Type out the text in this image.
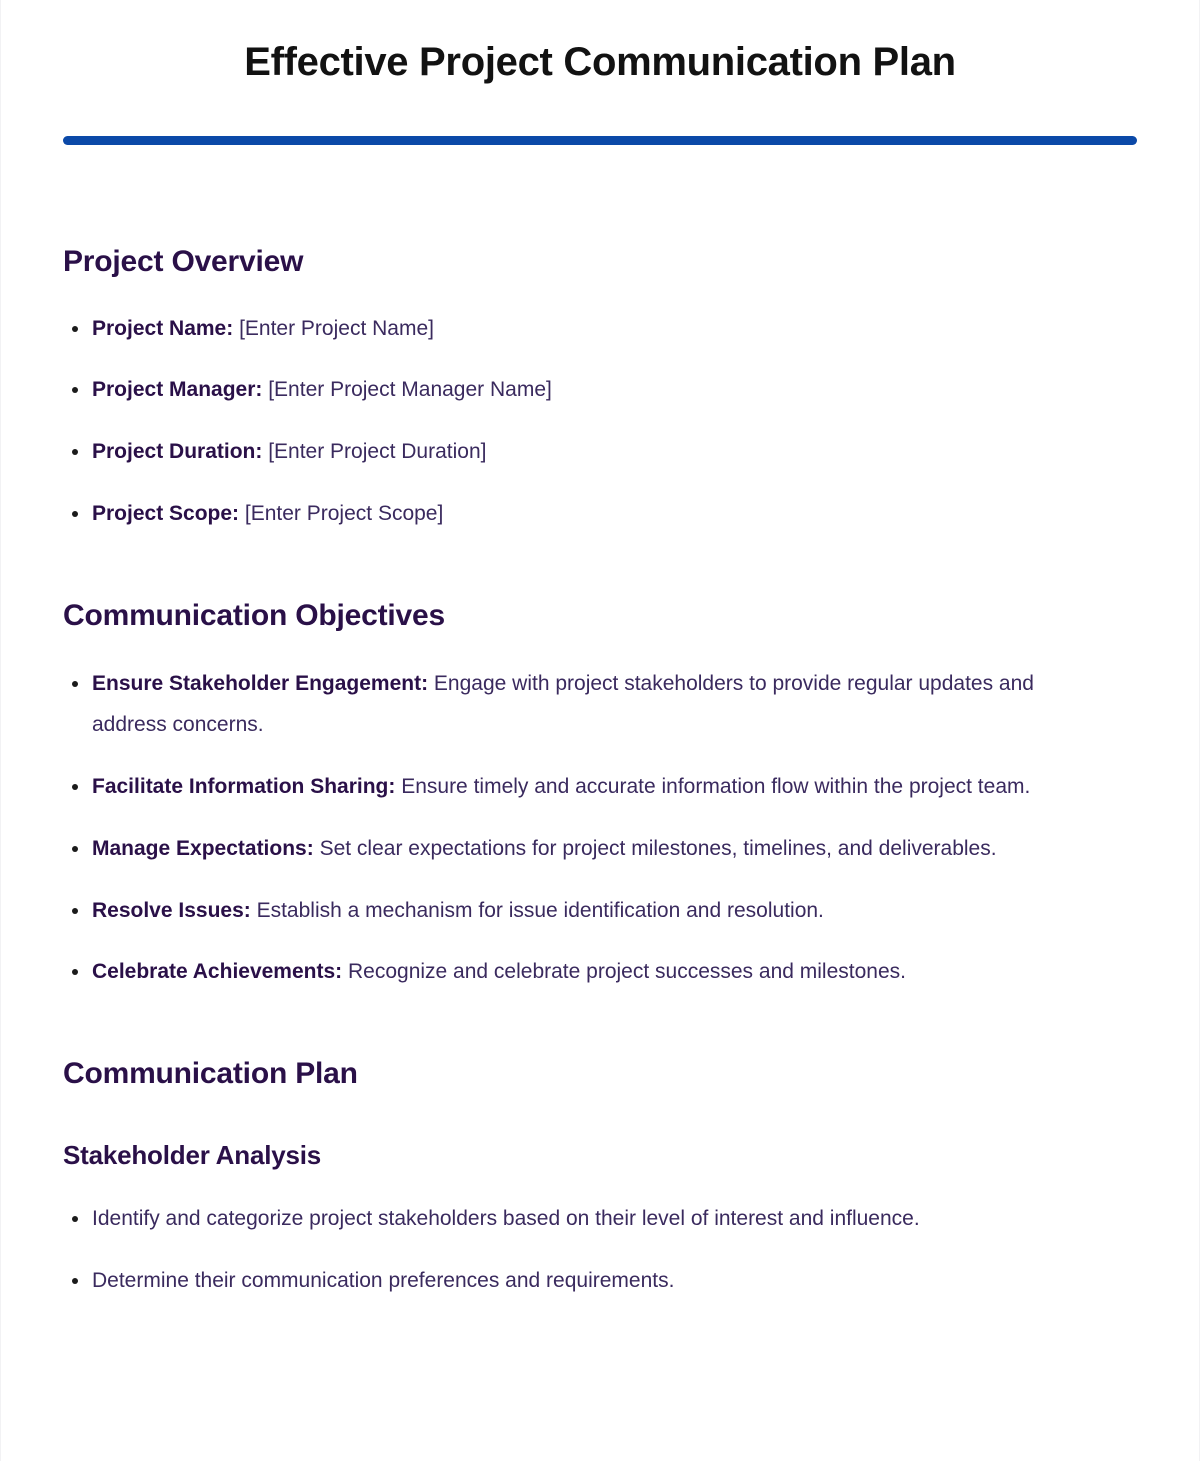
Effective Project Communication Plan
Project Overview
Project Name: [Enter Project Name]
Project Manager: [Enter Project Manager Name]
Project Duration: [Enter Project Duration]
Project Scope: [Enter Project Scope]
Communication Objectives
Ensure Stakeholder Engagement: Engage with project stakeholders to provide regular updates and address concerns.
Facilitate Information Sharing: Ensure timely and accurate information flow within the project team.
Manage Expectations: Set clear expectations for project milestones, timelines, and deliverables.
Resolve Issues: Establish a mechanism for issue identification and resolution.
Celebrate Achievements: Recognize and celebrate project successes and milestones.
Communication Plan
Stakeholder Analysis
Identify and categorize project stakeholders based on their level of interest and influence.
Determine their communication preferences and requirements.
